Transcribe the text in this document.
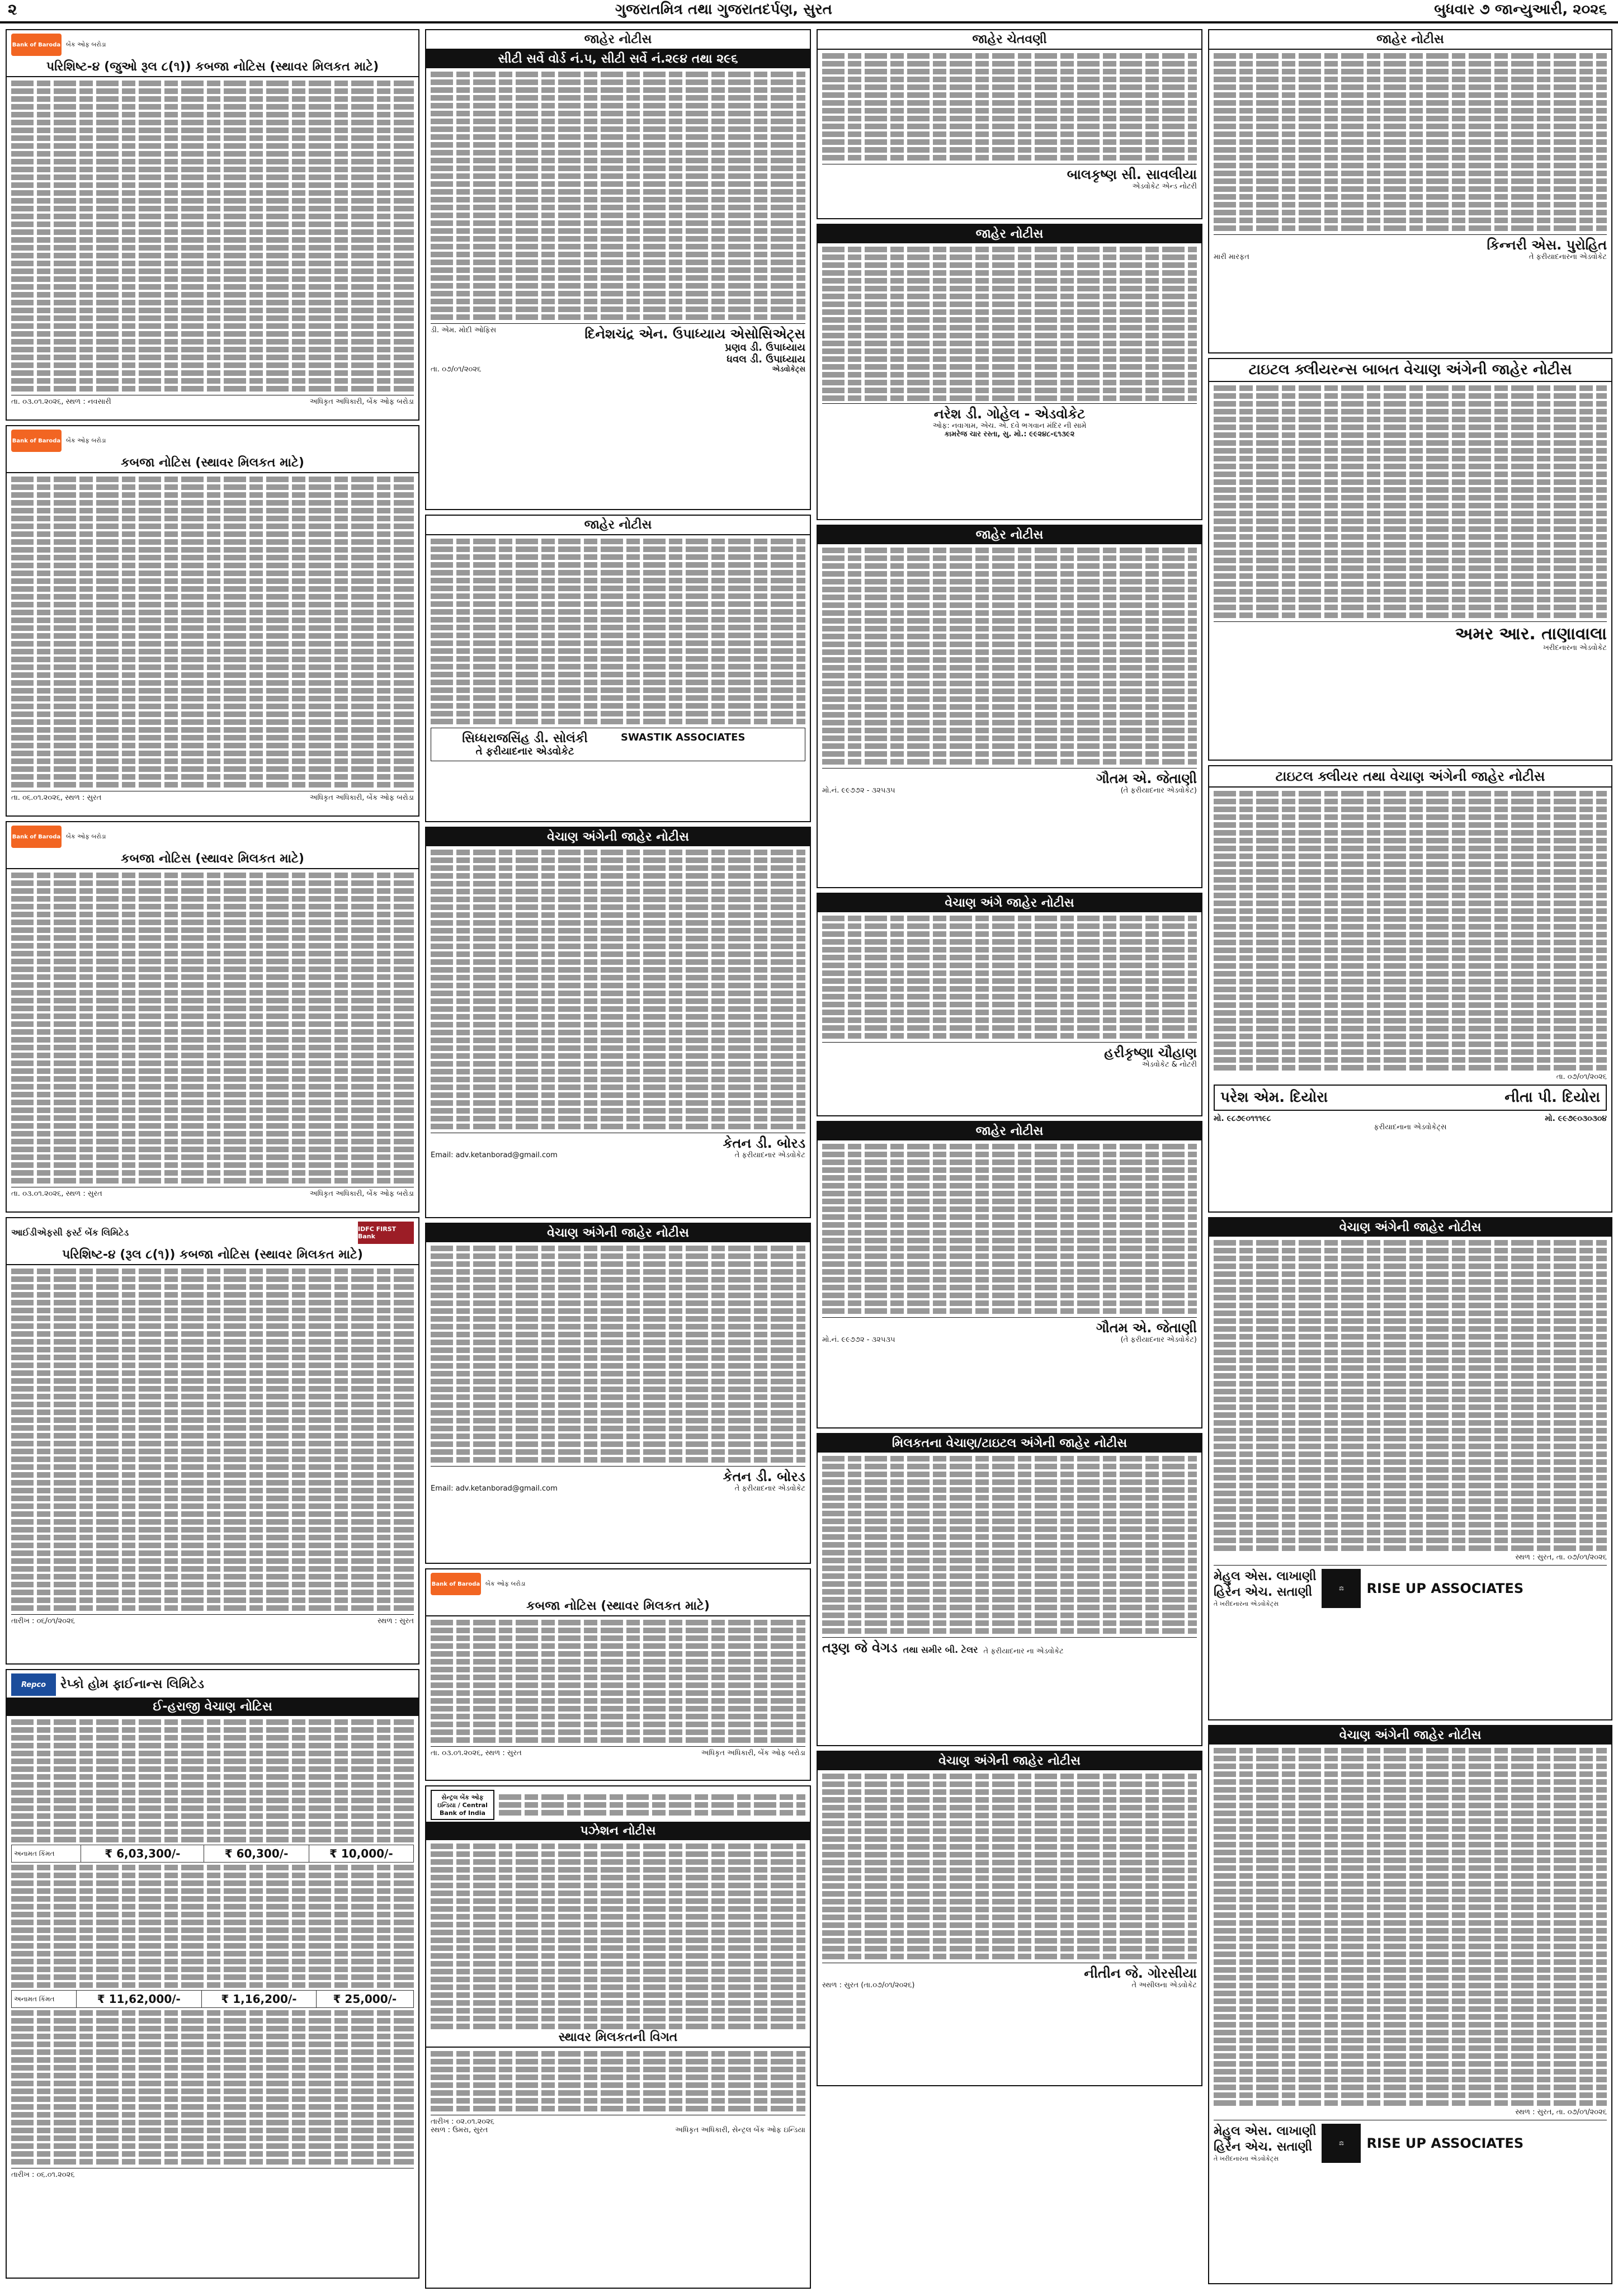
૨	ગુજરાતમિત્ર તથા ગુજરાતદર્પણ, સુરત	બુધવાર ૭ જાન્યુઆરી, ૨૦૨૬
Bank of Baroda બેંક ઓફ બરોડા
પરિશિષ્ટ-૪ (જુઓ રૂલ ૮(૧)) કબજા નોટિસ (સ્થાવર મિલકત માટે)
તા. ૦૩.૦૧.૨૦૨૬, સ્થળ : નવસારી	અધિકૃત અધિકારી, બેંક ઓફ બરોડા
Bank of Baroda બેંક ઓફ બરોડા
કબજા નોટિસ (સ્થાવર મિલકત માટે)
તા. ૦૬.૦૧.૨૦૨૬, સ્થળ : સુરત	અધિકૃત અધિકારી, બેંક ઓફ બરોડા
Bank of Baroda બેંક ઓફ બરોડા
કબજા નોટિસ (સ્થાવર મિલકત માટે)
તા. ૦૩.૦૧.૨૦૨૬, સ્થળ : સુરત	અધિકૃત અધિકારી, બેંક ઓફ બરોડા
આઈડીએફસી ફર્સ્ટ બેંક લિમિટેડ	IDFC FIRST Bank
પરિશિષ્ટ-૪ (રૂલ ૮(૧)) કબજા નોટિસ (સ્થાવર મિલકત માટે)
તારીખ : ૦૬/૦૧/૨૦૨૬	સ્થળ : સુરત
Repco	રેપ્કો હોમ ફાઈનાન્સ લિમિટેડ
ઈ-હરાજી વેચાણ નોટિસ
અનામત કિંમત	₹ 6,03,300/-	₹ 60,300/-	₹ 10,000/-
અનામત કિંમત	₹ 11,62,000/-	₹ 1,16,200/-	₹ 25,000/-
તારીખ : ૦૬.૦૧.૨૦૨૬
જાહેર નોટીસ
સીટી સર્વે વોર્ડ નં.૫, સીટી સર્વે નં.૨૯૪ તથા ૨૯૬
ડી. એમ. મોદી ઓફિસ	દિનેશચંદ્ર એન. ઉપાધ્યાય એસોસિએટ્સ
પ્રણવ ડી. ઉપાધ્યાય
ધવલ ડી. ઉપાધ્યાય
તા. ૦૭/૦૧/૨૦૨૬	એડવોકેટ્સ
જાહેર નોટીસ
સિધ્ધરાજસિંહ ડી. સોલંકી
તે ફરીયાદનાર એડવોકેટ
SWASTIK ASSOCIATES
વેચાણ અંગેની જાહેર નોટીસ
Email: adv.ketanborad@gmail.com
કેતન ડી. બોરડ
તે ફરીયાદનાર એડવોકેટ
વેચાણ અંગેની જાહેર નોટીસ
Email: adv.ketanborad@gmail.com
કેતન ડી. બોરડ
તે ફરીયાદનાર એડવોકેટ
Bank of Baroda બેંક ઓફ બરોડા
કબજા નોટિસ (સ્થાવર મિલકત માટે)
તા. ૦૩.૦૧.૨૦૨૬, સ્થળ : સુરત	અધિકૃત અધિકારી, બેંક ઓફ બરોડા
સેન્ટ્રલ બેંક ઓફ ઇન્ડિયા / Central Bank of India
પઝેશન નોટીસ
સ્થાવર મિલકતની વિગત
તારીખ : ૦૨.૦૧.૨૦૨૬
સ્થળ : ઉમરા, સુરત	અધિકૃત અધિકારી, સેન્ટ્રલ બેંક ઓફ ઇન્ડિયા
જાહેર ચેતવણી
બાલકૃષ્ણ સી. સાવલીયા
એડવોકેટ એન્ડ નોટરી
જાહેર નોટીસ
નરેશ ડી. ગોહેલ - એડવોકેટ
ઓફ: નવાગામ, એચ. એ. દવે ભગવાન મંદિર ની સામે
કામરેજ ચાર રસ્તા, સુ. મો.: ૯૯૨૪૮-૬૧૩૯૨
જાહેર નોટીસ
મો.નં. ૯૯૭૭૨ - ૩૨૫૩૫
ગૌતમ એ. જેતાણી
(તે ફરીયાદનાર એડવોકેટ)
વેચાણ અંગે જાહેર નોટીસ
હરીકૃષ્ણા ચૌહાણ
એડવોકેટ & નોટરી
જાહેર નોટીસ
મો.નં. ૯૯૭૭૨ - ૩૨૫૩૫
ગૌતમ એ. જેતાણી
(તે ફરીયાદનાર એડવોકેટ)
મિલકતના વેચાણ/ટાઇટલ અંગેની જાહેર નોટીસ
તરૂણ જે વેગડ તથા સમીર બી. ટેલર તે ફરીયાદનાર ના એડવોકેટ
વેચાણ અંગેની જાહેર નોટીસ
સ્થળ : સુરત (તા.૦૭/૦૧/૨૦૨૬)
નીતીન જે. ગોરસીયા
તે અસીલના એડવોકેટ
જાહેર નોટીસ
મારી મારફત
કિન્નરી એસ. પુરોહિત
તે ફરીયાદનારના એડવોકેટ
ટાઇટલ ક્લીયરન્સ બાબત વેચાણ અંગેની જાહેર નોટીસ
અમર આર. તાણાવાલા
ખરીદનારના એડવોકેટ
ટાઇટલ ક્લીયર તથા વેચાણ અંગેની જાહેર નોટીસ
તા. ૦૭/૦૧/૨૦૨૬
પરેશ એમ. દિયોરા	નીતા પી. દિયોરા
મો. ૯૮૭૯૦૧૧૧૯૮	મો. ૯૯૭૯૦૩૦૩૦૪
ફરીયાદનાના એડવોકેટ્સ
વેચાણ અંગેની જાહેર નોટીસ
સ્થળ : સુરત, તા. ૦૭/૦૧/૨૦૨૬
મેહુલ એસ. લાખાણી
હિરેન એચ. સતાણી
તે ખરીદનારના એડવોકેટ્સ
⚖	RISE UP ASSOCIATES
વેચાણ અંગેની જાહેર નોટીસ
સ્થળ : સુરત, તા. ૦૭/૦૧/૨૦૨૬
મેહુલ એસ. લાખાણી
હિરેન એચ. સતાણી
તે ખરીદનારના એડવોકેટ્સ
⚖	RISE UP ASSOCIATES
